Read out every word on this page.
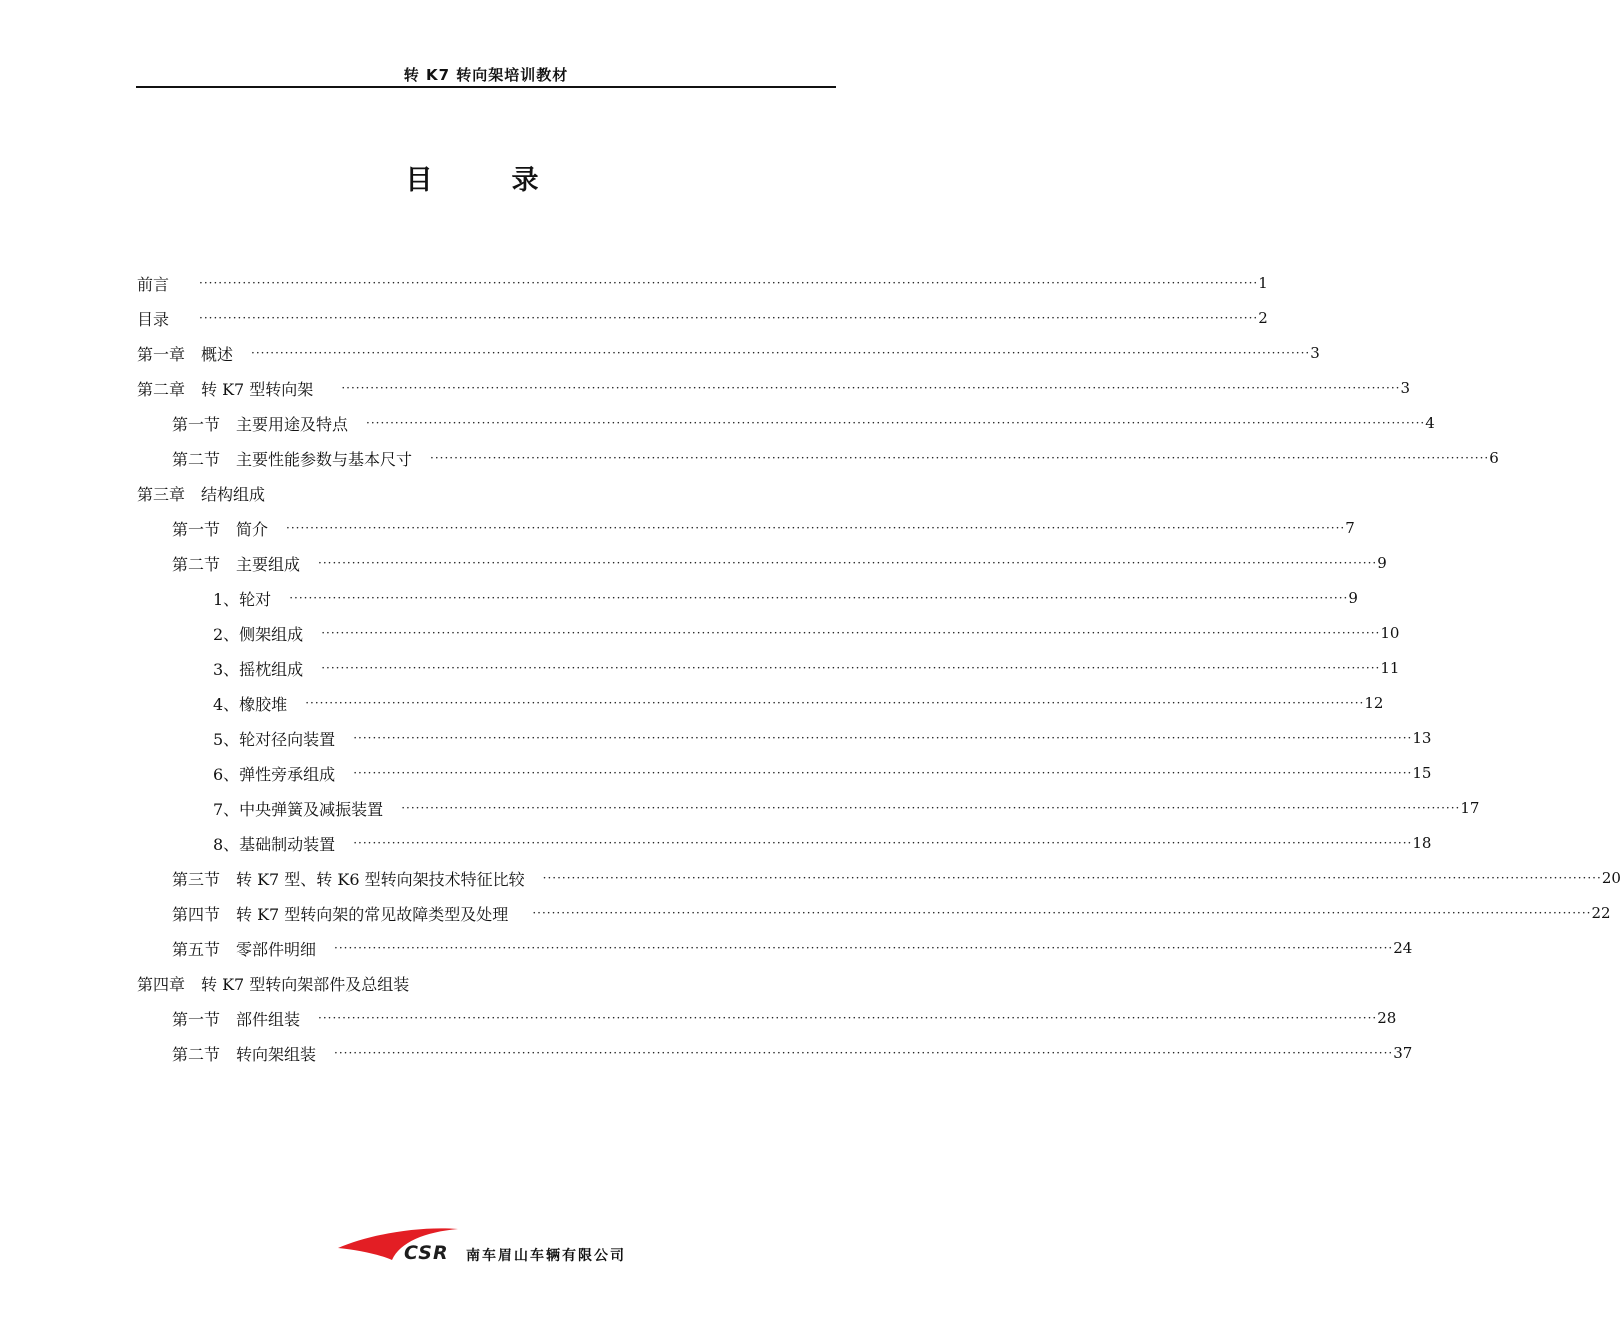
转 K7 转向架培训教材
目　录
前言	···························································································································································································································· 1
目录	···························································································································································································································· 2
第一章　概述 ···························································································································································································································· 3
第二章　转 K7 型转向架 ···························································································································································································································· 3
第一节　主要用途及特点 ···························································································································································································································· 4
第二节　主要性能参数与基本尺寸 ···························································································································································································································· 6
第三章　结构组成
第一节　简介 ···························································································································································································································· 7
第二节　主要组成 ···························································································································································································································· 9
1、轮对 ···························································································································································································································· 9
2、侧架组成 ···························································································································································································································· 10
3、摇枕组成 ···························································································································································································································· 11
4、橡胶堆 ···························································································································································································································· 12
5、轮对径向装置 ···························································································································································································································· 13
6、弹性旁承组成 ···························································································································································································································· 15
7、中央弹簧及减振装置 ···························································································································································································································· 17
8、基础制动装置 ···························································································································································································································· 18
第三节　转 K7 型、转 K6 型转向架技术特征比较 ···························································································································································································································· 20
第四节　转 K7 型转向架的常见故障类型及处理 ···························································································································································································································· 22
第五节　零部件明细 ···························································································································································································································· 24
第四章　转 K7 型转向架部件及总组装
第一节　部件组装 ···························································································································································································································· 28
第二节　转向架组装 ···························································································································································································································· 37
CSR 南车眉山车辆有限公司
